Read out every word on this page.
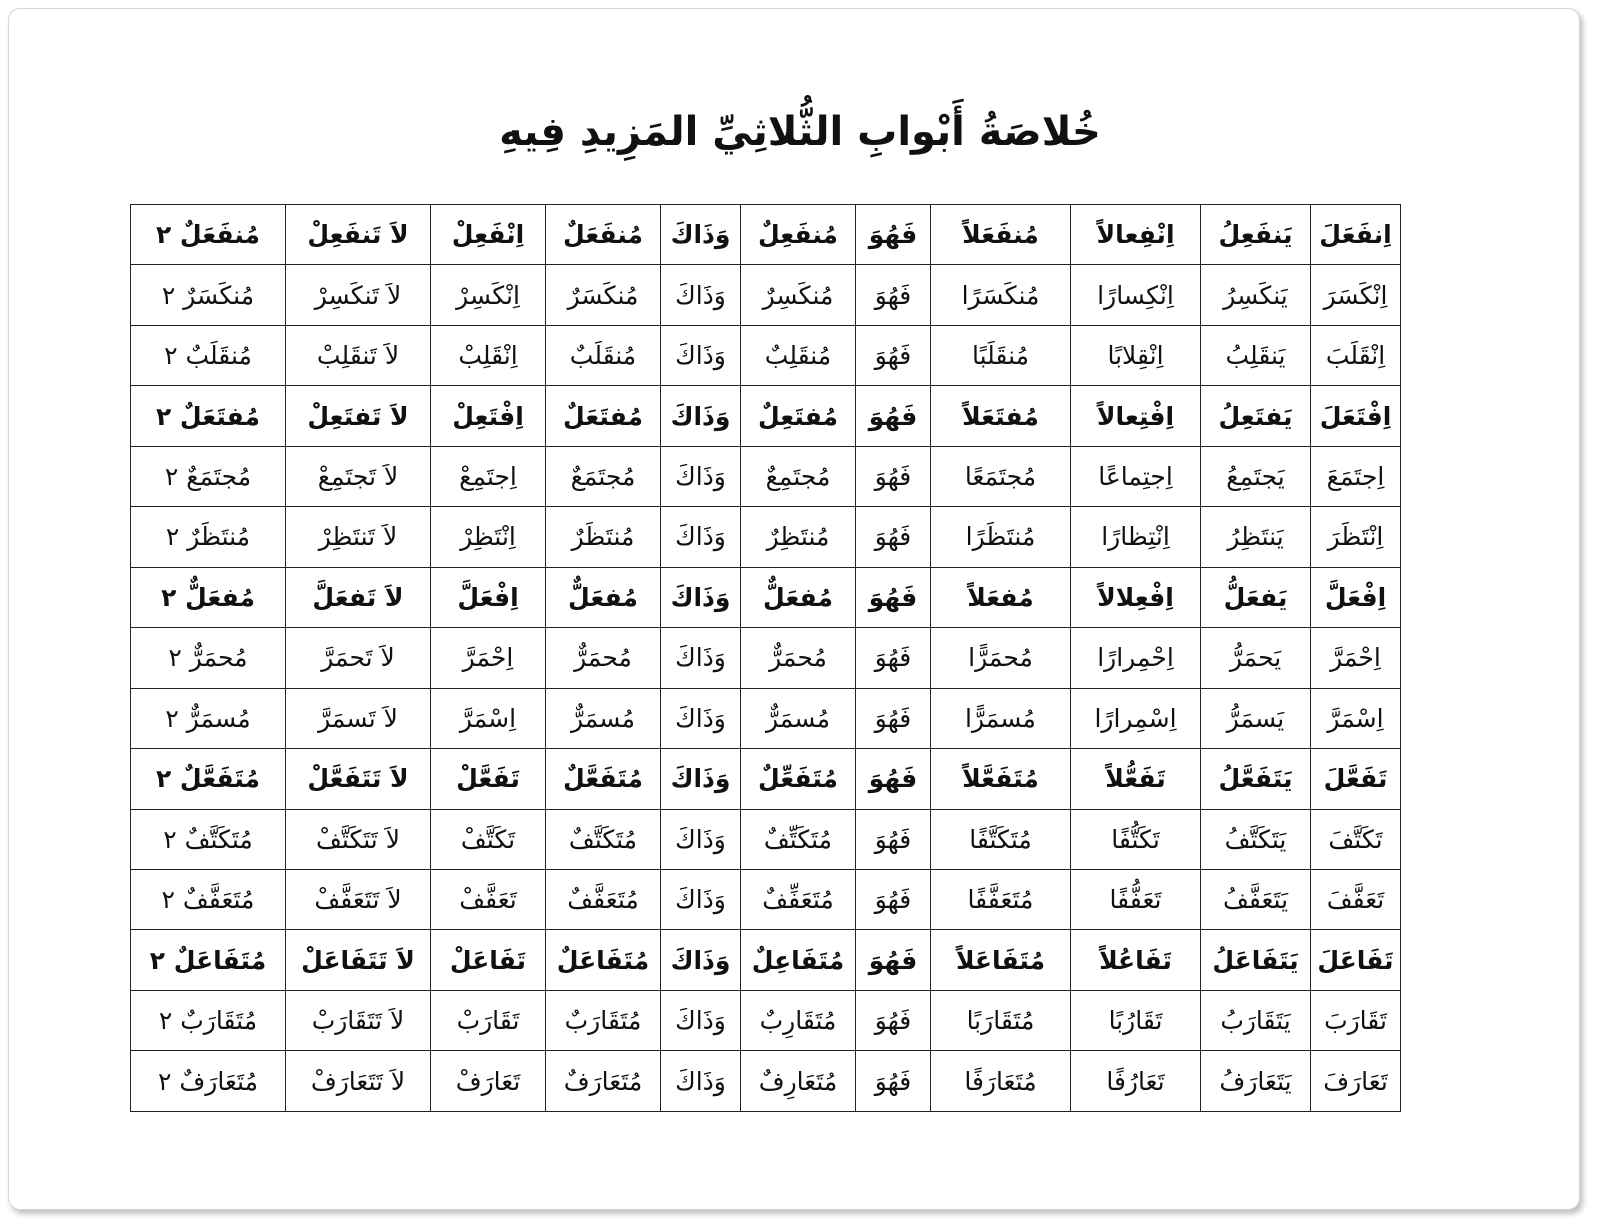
خُلاصَةُ أَبْوابِ الثُّلاثِيِّ المَزِيدِ فِيهِ
اِنفَعَلَ	يَنفَعِلُ	اِنْفِعالاً	مُنفَعَلاً	فَهُوَ	مُنفَعِلٌ	وَذَاكَ	مُنفَعَلٌ	اِنْفَعِلْ	لاَ تَنفَعِلْ	مُنفَعَلٌ ٢
اِنْكَسَرَ	يَنكَسِرُ	اِنْكِسارًا	مُنكَسَرًا	فَهُوَ	مُنكَسِرٌ	وَذَاكَ	مُنكَسَرٌ	اِنْكَسِرْ	لاَ تَنكَسِرْ	مُنكَسَرٌ ٢
اِنْقَلَبَ	يَنقَلِبُ	اِنْقِلابًا	مُنقَلَبًا	فَهُوَ	مُنقَلِبٌ	وَذَاكَ	مُنقَلَبٌ	اِنْقَلِبْ	لاَ تَنقَلِبْ	مُنقَلَبٌ ٢
اِفْتَعَلَ	يَفتَعِلُ	اِفْتِعالاً	مُفتَعَلاً	فَهُوَ	مُفتَعِلٌ	وَذَاكَ	مُفتَعَلٌ	اِفْتَعِلْ	لاَ تَفتَعِلْ	مُفتَعَلٌ ٢
اِجتَمَعَ	يَجتَمِعُ	اِجتِماعًا	مُجتَمَعًا	فَهُوَ	مُجتَمِعٌ	وَذَاكَ	مُجتَمَعٌ	اِجتَمِعْ	لاَ تَجتَمِعْ	مُجتَمَعٌ ٢
اِنْتَظَرَ	يَنتَظِرُ	اِنْتِظارًا	مُنتَظَرًا	فَهُوَ	مُنتَظِرٌ	وَذَاكَ	مُنتَظَرٌ	اِنْتَظِرْ	لاَ تَنتَظِرْ	مُنتَظَرٌ ٢
اِفْعَلَّ	يَفعَلُّ	اِفْعِلالاً	مُفعَلاً	فَهُوَ	مُفعَلٌّ	وَذَاكَ	مُفعَلٌّ	اِفْعَلَّ	لاَ تَفعَلَّ	مُفعَلٌّ ٢
اِحْمَرَّ	يَحمَرُّ	اِحْمِرارًا	مُحمَرًّا	فَهُوَ	مُحمَرٌّ	وَذَاكَ	مُحمَرٌّ	اِحْمَرَّ	لاَ تَحمَرَّ	مُحمَرٌّ ٢
اِسْمَرَّ	يَسمَرُّ	اِسْمِرارًا	مُسمَرًّا	فَهُوَ	مُسمَرٌّ	وَذَاكَ	مُسمَرٌّ	اِسْمَرَّ	لاَ تَسمَرَّ	مُسمَرٌّ ٢
تَفَعَّلَ	يَتَفَعَّلُ	تَفَعُّلاً	مُتَفَعَّلاً	فَهُوَ	مُتَفَعِّلٌ	وَذَاكَ	مُتَفَعَّلٌ	تَفَعَّلْ	لاَ تَتَفَعَّلْ	مُتَفَعَّلٌ ٢
تَكَتَّفَ	يَتَكَتَّفُ	تَكَتُّفًا	مُتَكَتَّفًا	فَهُوَ	مُتَكَتِّفٌ	وَذَاكَ	مُتَكَتَّفٌ	تَكَتَّفْ	لاَ تَتَكَتَّفْ	مُتَكَتَّفٌ ٢
تَعَفَّفَ	يَتَعَفَّفُ	تَعَفُّفًا	مُتَعَفَّفًا	فَهُوَ	مُتَعَفِّفٌ	وَذَاكَ	مُتَعَفَّفٌ	تَعَفَّفْ	لاَ تَتَعَفَّفْ	مُتَعَفَّفٌ ٢
تَفَاعَلَ	يَتَفَاعَلُ	تَفَاعُلاً	مُتَفَاعَلاً	فَهُوَ	مُتَفَاعِلٌ	وَذَاكَ	مُتَفَاعَلٌ	تَفَاعَلْ	لاَ تَتَفَاعَلْ	مُتَفَاعَلٌ ٢
تَقَارَبَ	يَتَقَارَبُ	تَقَارُبًا	مُتَقَارَبًا	فَهُوَ	مُتَقَارِبٌ	وَذَاكَ	مُتَقَارَبٌ	تَقَارَبْ	لاَ تَتَقَارَبْ	مُتَقَارَبٌ ٢
تَعَارَفَ	يَتَعَارَفُ	تَعَارُفًا	مُتَعَارَفًا	فَهُوَ	مُتَعَارِفٌ	وَذَاكَ	مُتَعَارَفٌ	تَعَارَفْ	لاَ تَتَعَارَفْ	مُتَعَارَفٌ ٢
